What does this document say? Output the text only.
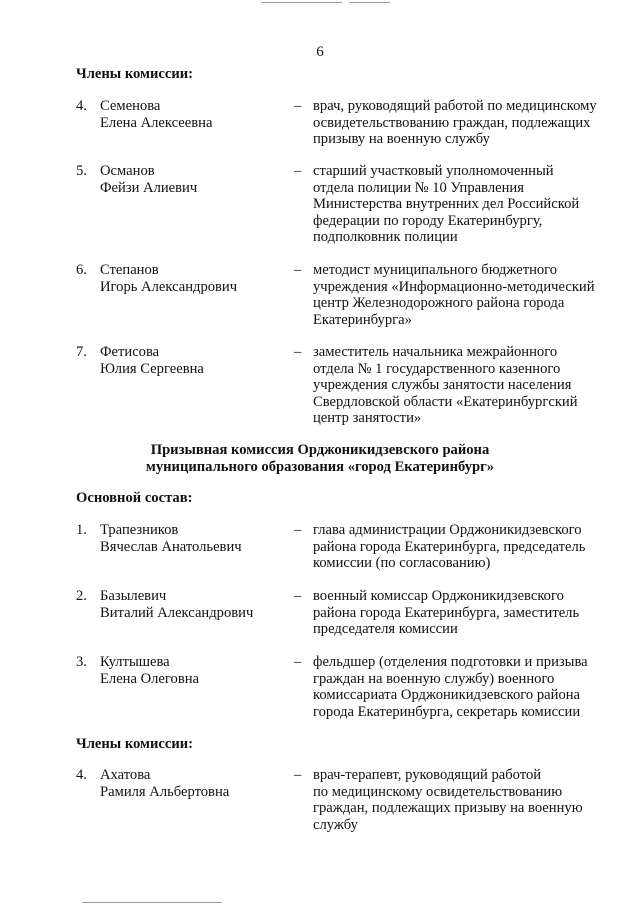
6
Члены комиссии:
4. Семенова
Елена Алексеевна
– врач, руководящий работой по медицинскому
освидетельствованию граждан, подлежащих
призыву на военную службу
5. Османов
Фейзи Алиевич
– старший участковый уполномоченный
отдела полиции № 10 Управления
Министерства внутренних дел Российской
федерации по городу Екатеринбургу,
подполковник полиции
6. Степанов
Игорь Александрович
– методист муниципального бюджетного
учреждения «Информационно-методический
центр Железнодорожного района города
Екатеринбурга»
7. Фетисова
Юлия Сергеевна
– заместитель начальника межрайонного
отдела № 1 государственного казенного
учреждения службы занятости населения
Свердловской области «Екатеринбургский
центр занятости»
Призывная комиссия Орджоникидзевского района
муниципального образования «город Екатеринбург»
Основной состав:
1. Трапезников
Вячеслав Анатольевич
– глава администрации Орджоникидзевского
района города Екатеринбурга, председатель
комиссии (по согласованию)
2. Базылевич
Виталий Александрович
– военный комиссар Орджоникидзевского
района города Екатеринбурга, заместитель
председателя комиссии
3. Култышева
Елена Олеговна
– фельдшер (отделения подготовки и призыва
граждан на военную службу) военного
комиссариата Орджоникидзевского района
города Екатеринбурга, секретарь комиссии
Члены комиссии:
4. Ахатова
Рамиля Альбертовна
– врач-терапевт, руководящий работой
по медицинскому освидетельствованию
граждан, подлежащих призыву на военную
службу
